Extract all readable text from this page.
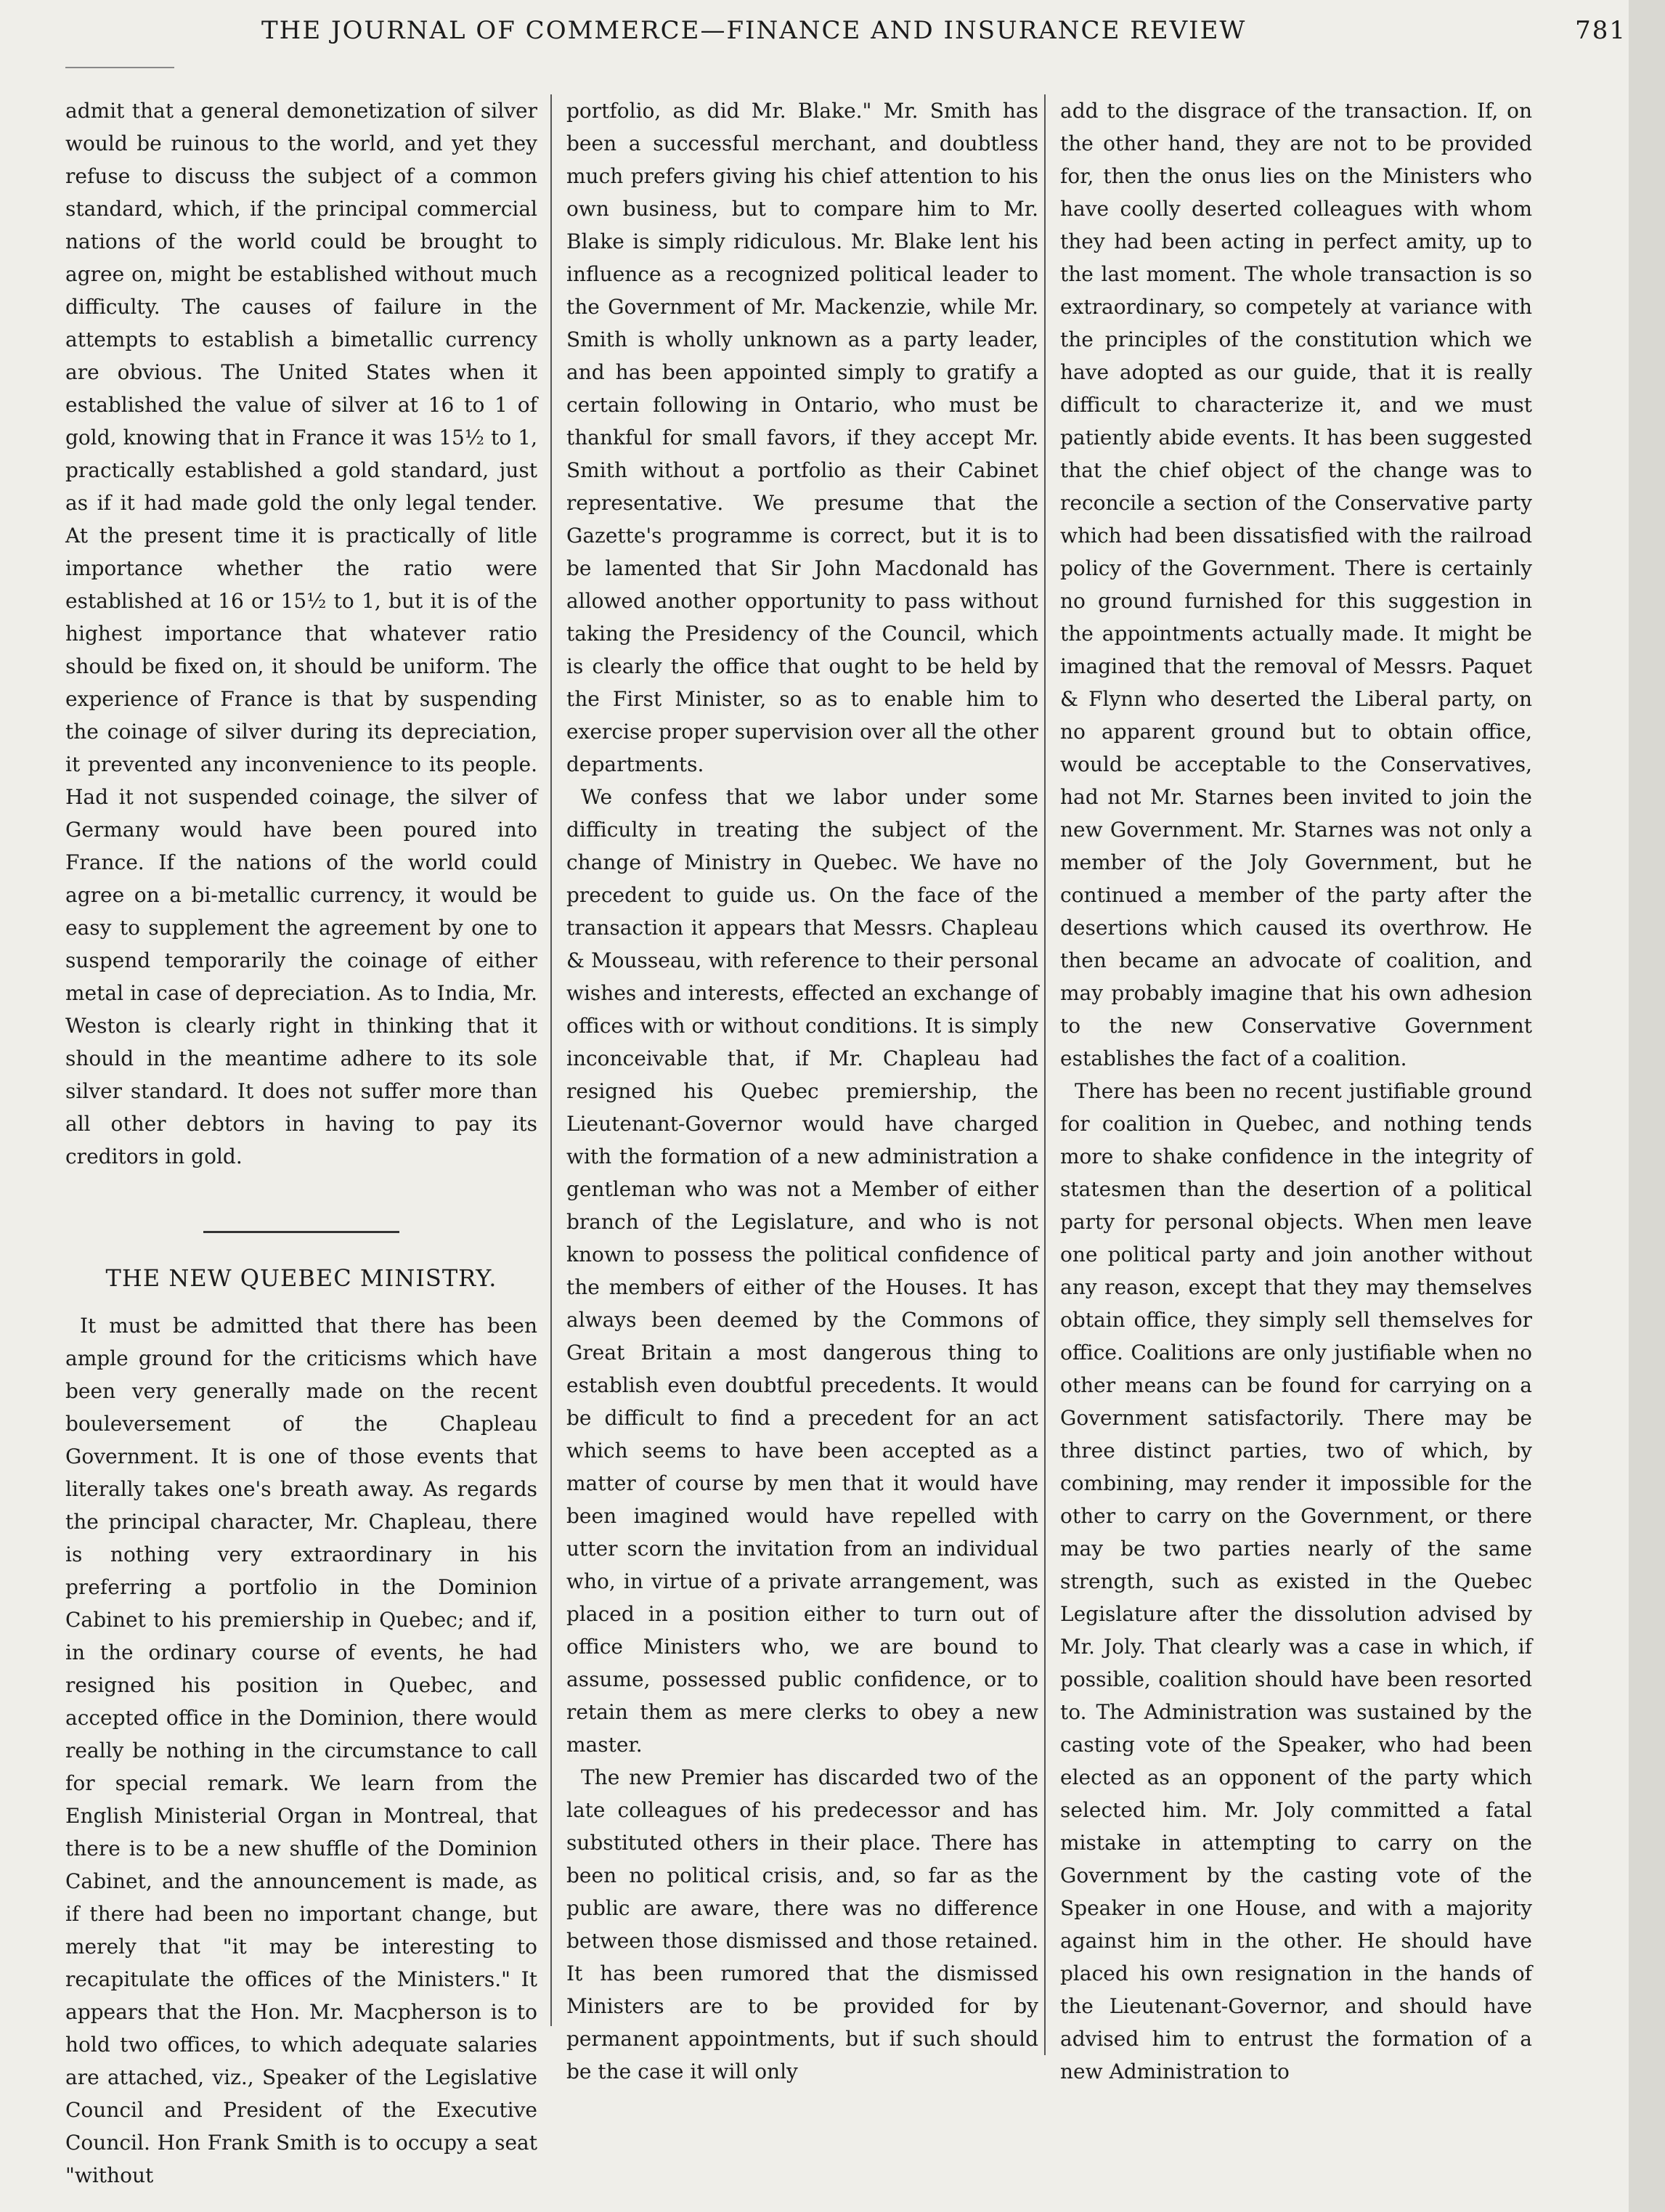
THE JOURNAL OF COMMERCE—FINANCE AND INSURANCE REVIEW	781

admit that a general demonetization of silver would be ruinous to the world, and yet they refuse to discuss the subject of a common standard, which, if the principal commercial nations of the world could be brought to agree on, might be established without much difficulty. The causes of failure in the attempts to establish a bimetallic currency are obvious. The United States when it established the value of silver at 16 to 1 of gold, knowing that in France it was 15½ to 1, practically established a gold standard, just as if it had made gold the only legal tender. At the present time it is practically of litle importance whether the ratio were established at 16 or 15½ to 1, but it is of the highest importance that whatever ratio should be fixed on, it should be uniform. The experience of France is that by suspending the coinage of silver during its depreciation, it prevented any inconvenience to its people. Had it not suspended coinage, the silver of Germany would have been poured into France. If the nations of the world could agree on a bi-metallic currency, it would be easy to supplement the agreement by one to suspend temporarily the coinage of either metal in case of depreciation. As to India, Mr. Weston is clearly right in thinking that it should in the meantime adhere to its sole silver standard. It does not suffer more than all other debtors in having to pay its creditors in gold.

THE NEW QUEBEC MINISTRY.

It must be admitted that there has been ample ground for the criticisms which have been very generally made on the recent bouleversement of the Chapleau Government. It is one of those events that literally takes one's breath away. As regards the principal character, Mr. Chapleau, there is nothing very extraordinary in his preferring a portfolio in the Dominion Cabinet to his premiership in Quebec; and if, in the ordinary course of events, he had resigned his position in Quebec, and accepted office in the Dominion, there would really be nothing in the circumstance to call for special remark. We learn from the English Ministerial Organ in Montreal, that there is to be a new shuffle of the Dominion Cabinet, and the announcement is made, as if there had been no important change, but merely that "it may be interesting to recapitulate the offices of the Ministers." It appears that the Hon. Mr. Macpherson is to hold two offices, to which adequate salaries are attached, viz., Speaker of the Legislative Council and President of the Executive Council. Hon Frank Smith is to occupy a seat "without

portfolio, as did Mr. Blake." Mr. Smith has been a successful merchant, and doubtless much prefers giving his chief attention to his own business, but to compare him to Mr. Blake is simply ridiculous. Mr. Blake lent his influence as a recognized political leader to the Government of Mr. Mackenzie, while Mr. Smith is wholly unknown as a party leader, and has been appointed simply to gratify a certain following in Ontario, who must be thankful for small favors, if they accept Mr. Smith without a portfolio as their Cabinet representative. We presume that the Gazette's programme is correct, but it is to be lamented that Sir John Macdonald has allowed another opportunity to pass without taking the Presidency of the Council, which is clearly the office that ought to be held by the First Minister, so as to enable him to exercise proper supervision over all the other departments.

We confess that we labor under some difficulty in treating the subject of the change of Ministry in Quebec. We have no precedent to guide us. On the face of the transaction it appears that Messrs. Chapleau & Mousseau, with reference to their personal wishes and interests, effected an exchange of offices with or without conditions. It is simply inconceivable that, if Mr. Chapleau had resigned his Quebec premiership, the Lieutenant-Governor would have charged with the formation of a new administration a gentleman who was not a Member of either branch of the Legislature, and who is not known to possess the political confidence of the members of either of the Houses. It has always been deemed by the Commons of Great Britain a most dangerous thing to establish even doubtful precedents. It would be difficult to find a precedent for an act which seems to have been accepted as a matter of course by men that it would have been imagined would have repelled with utter scorn the invitation from an individual who, in virtue of a private arrangement, was placed in a position either to turn out of office Ministers who, we are bound to assume, possessed public confidence, or to retain them as mere clerks to obey a new master.

The new Premier has discarded two of the late colleagues of his predecessor and has substituted others in their place. There has been no political crisis, and, so far as the public are aware, there was no difference between those dismissed and those retained. It has been rumored that the dismissed Ministers are to be provided for by permanent appointments, but if such should be the case it will only

add to the disgrace of the transaction. If, on the other hand, they are not to be provided for, then the onus lies on the Ministers who have coolly deserted colleagues with whom they had been acting in perfect amity, up to the last moment. The whole transaction is so extraordinary, so competely at variance with the principles of the constitution which we have adopted as our guide, that it is really difficult to characterize it, and we must patiently abide events. It has been suggested that the chief object of the change was to reconcile a section of the Conservative party which had been dissatisfied with the railroad policy of the Government. There is certainly no ground furnished for this suggestion in the appointments actually made. It might be imagined that the removal of Messrs. Paquet & Flynn who deserted the Liberal party, on no apparent ground but to obtain office, would be acceptable to the Conservatives, had not Mr. Starnes been invited to join the new Government. Mr. Starnes was not only a member of the Joly Government, but he continued a member of the party after the desertions which caused its overthrow. He then became an advocate of coalition, and may probably imagine that his own adhesion to the new Conservative Government establishes the fact of a coalition.

There has been no recent justifiable ground for coalition in Quebec, and nothing tends more to shake confidence in the integrity of statesmen than the desertion of a political party for personal objects. When men leave one political party and join another without any reason, except that they may themselves obtain office, they simply sell themselves for office. Coalitions are only justifiable when no other means can be found for carrying on a Government satisfactorily. There may be three distinct parties, two of which, by combining, may render it impossible for the other to carry on the Government, or there may be two parties nearly of the same strength, such as existed in the Quebec Legislature after the dissolution advised by Mr. Joly. That clearly was a case in which, if possible, coalition should have been resorted to. The Administration was sustained by the casting vote of the Speaker, who had been elected as an opponent of the party which selected him. Mr. Joly committed a fatal mistake in attempting to carry on the Government by the casting vote of the Speaker in one House, and with a majority against him in the other. He should have placed his own resignation in the hands of the Lieutenant-Governor, and should have advised him to entrust the formation of a new Administration to
